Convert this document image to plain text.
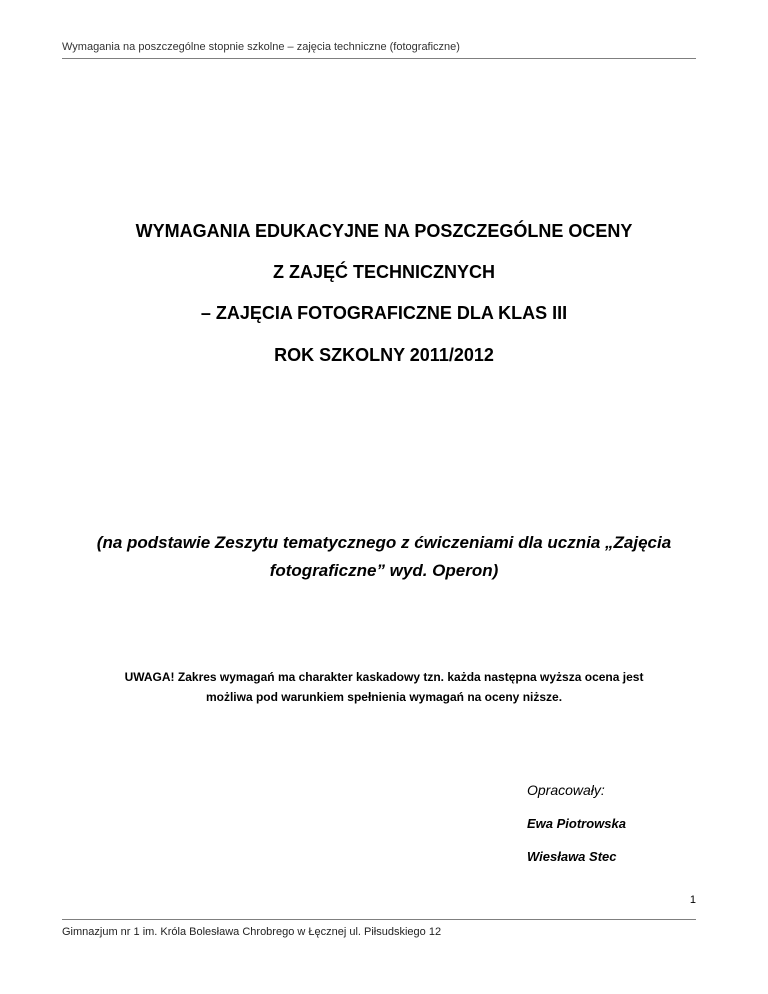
Wymagania na poszczególne stopnie szkolne – zajęcia techniczne (fotograficzne)
WYMAGANIA EDUKACYJNE NA POSZCZEGÓLNE OCENY
Z ZAJĘĆ TECHNICZNYCH
– ZAJĘCIA FOTOGRAFICZNE DLA KLAS III
ROK SZKOLNY 2011/2012
(na podstawie Zeszytu tematycznego z ćwiczeniami dla ucznia „Zajęcia
fotograficzne” wyd. Operon)
UWAGA! Zakres wymagań ma charakter kaskadowy tzn. każda następna wyższa ocena jest
możliwa pod warunkiem spełnienia wymagań na oceny niższe.
Opracowały:
Ewa Piotrowska
Wiesława Stec
1
Gimnazjum nr 1 im. Króla Bolesława Chrobrego w Łęcznej ul. Piłsudskiego 12
